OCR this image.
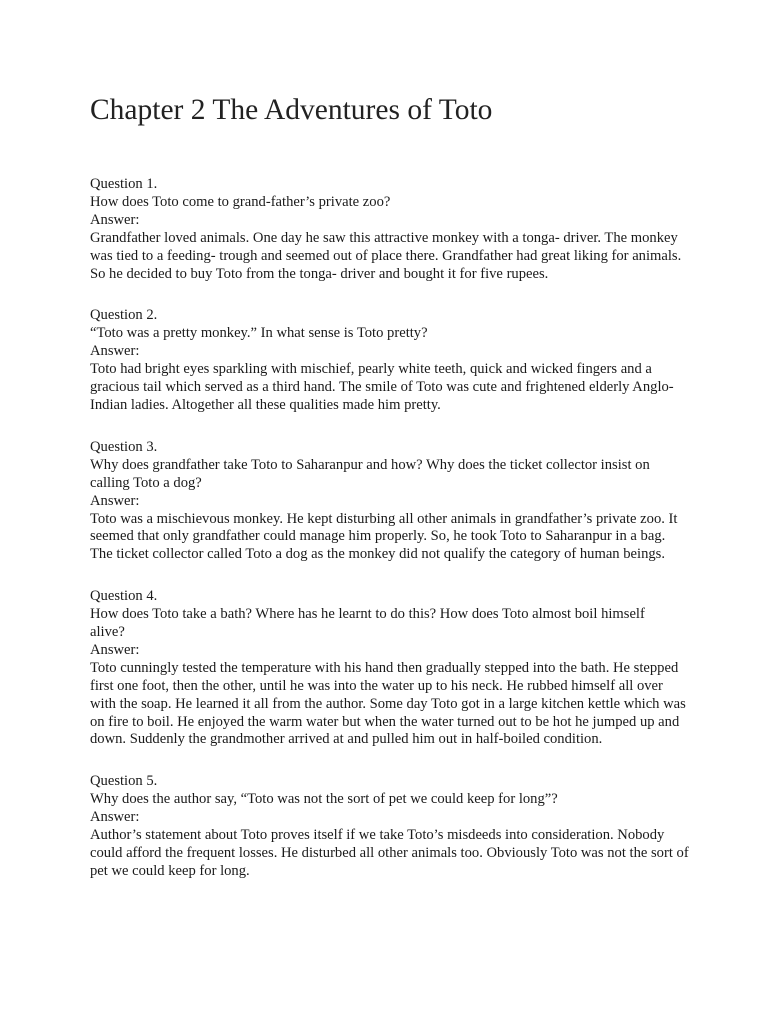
Chapter 2 The Adventures of Toto
Question 1.
How does Toto come to grand-father’s private zoo?
Answer:
Grandfather loved animals. One day he saw this attractive monkey with a tonga- driver. The monkey was tied to a feeding- trough and seemed out of place there. Grandfather had great liking for animals. So he decided to buy Toto from the tonga- driver and bought it for five rupees.
Question 2.
“Toto was a pretty monkey.” In what sense is Toto pretty?
Answer:
Toto had bright eyes sparkling with mischief, pearly white teeth, quick and wicked fingers and a gracious tail which served as a third hand. The smile of Toto was cute and frightened elderly Anglo- Indian ladies. Altogether all these qualities made him pretty.
Question 3.
Why does grandfather take Toto to Saharanpur and how? Why does the ticket collector insist on calling Toto a dog?
Answer:
Toto was a mischievous monkey. He kept disturbing all other animals in grandfather’s private zoo. It seemed that only grandfather could manage him properly. So, he took Toto to Saharanpur in a bag. The ticket collector called Toto a dog as the monkey did not qualify the category of human beings.
Question 4.
How does Toto take a bath? Where has he learnt to do this? How does Toto almost boil himself alive?
Answer:
Toto cunningly tested the temperature with his hand then gradually stepped into the bath. He stepped first one foot, then the other, until he was into the water up to his neck. He rubbed himself all over with the soap. He learned it all from the author. Some day Toto got in a large kitchen kettle which was on fire to boil. He enjoyed the warm water but when the water turned out to be hot he jumped up and down. Suddenly the grandmother arrived at and pulled him out in half-boiled condition.
Question 5.
Why does the author say, “Toto was not the sort of pet we could keep for long”?
Answer:
Author’s statement about Toto proves itself if we take Toto’s misdeeds into consideration. Nobody could afford the frequent losses. He disturbed all other animals too. Obviously Toto was not the sort of pet we could keep for long.
